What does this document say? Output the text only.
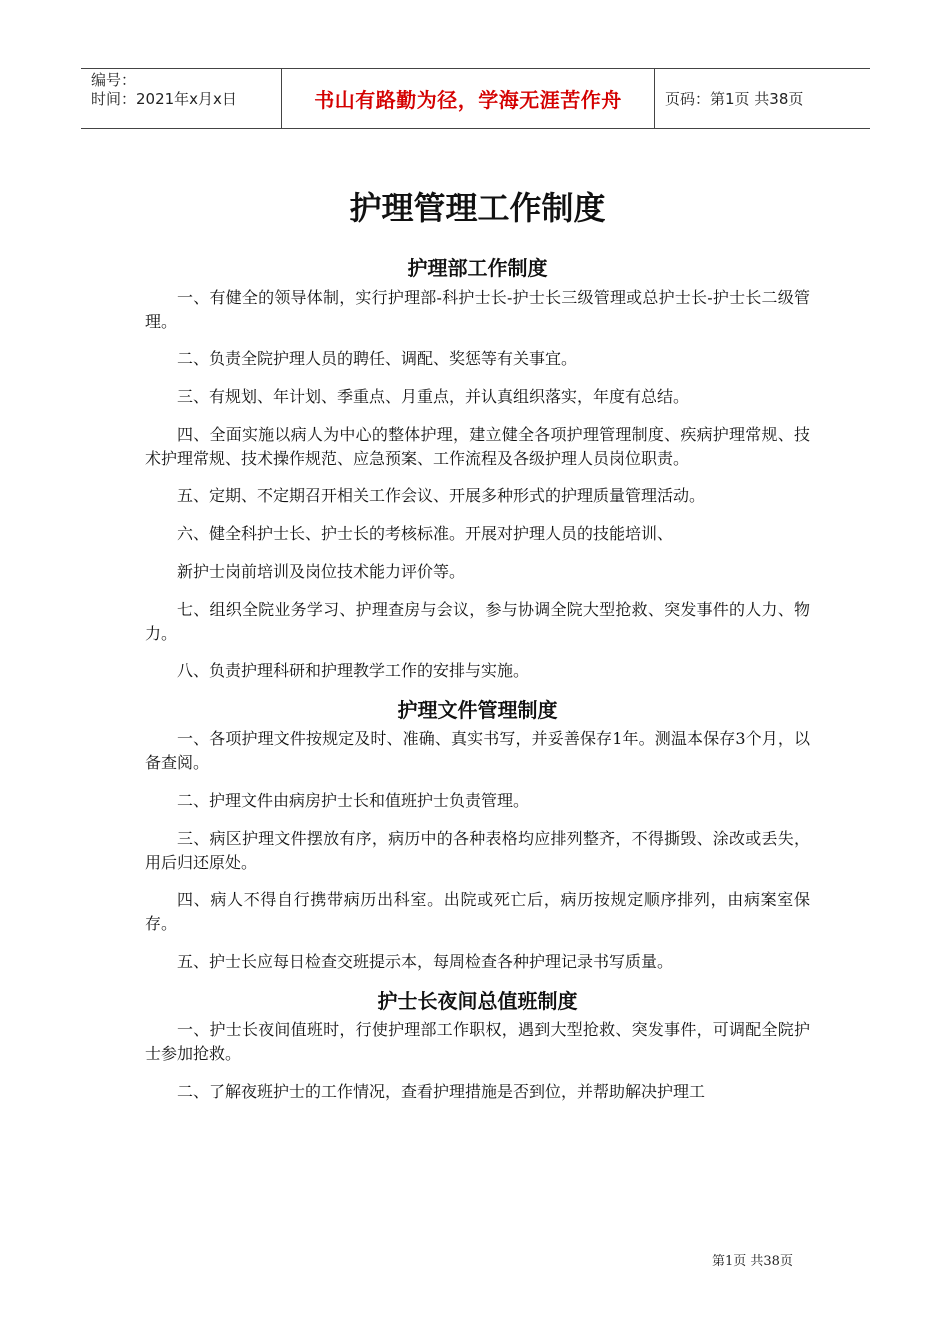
编号：
时间：2021年x月x日	书山有路勤为径，学海无涯苦作舟	页码：第1页 共38页
护理管理工作制度
护理部工作制度

一、有健全的领导体制，实行护理部-科护士长-护士长三级管理或总护士长-护士长二级管理。

二、负责全院护理人员的聘任、调配、奖惩等有关事宜。

三、有规划、年计划、季重点、月重点，并认真组织落实，年度有总结。

四、全面实施以病人为中心的整体护理，建立健全各项护理管理制度、疾病护理常规、技术护理常规、技术操作规范、应急预案、工作流程及各级护理人员岗位职责。

五、定期、不定期召开相关工作会议、开展多种形式的护理质量管理活动。

六、健全科护士长、护士长的考核标准。开展对护理人员的技能培训、

新护士岗前培训及岗位技术能力评价等。

七、组织全院业务学习、护理查房与会议，参与协调全院大型抢救、突发事件的人力、物力。

八、负责护理科研和护理教学工作的安排与实施。

护理文件管理制度

一、各项护理文件按规定及时、准确、真实书写，并妥善保存1年。测温本保存3个月，以备查阅。

二、护理文件由病房护士长和值班护士负责管理。

三、病区护理文件摆放有序，病历中的各种表格均应排列整齐，不得撕毁、涂改或丢失，用后归还原处。

四、病人不得自行携带病历出科室。出院或死亡后，病历按规定顺序排列，由病案室保存。

五、护士长应每日检查交班提示本，每周检查各种护理记录书写质量。

护士长夜间总值班制度

一、护士长夜间值班时，行使护理部工作职权，遇到大型抢救、突发事件，可调配全院护士参加抢救。

二、了解夜班护士的工作情况，查看护理措施是否到位，并帮助解决护理工

第1页 共38页
